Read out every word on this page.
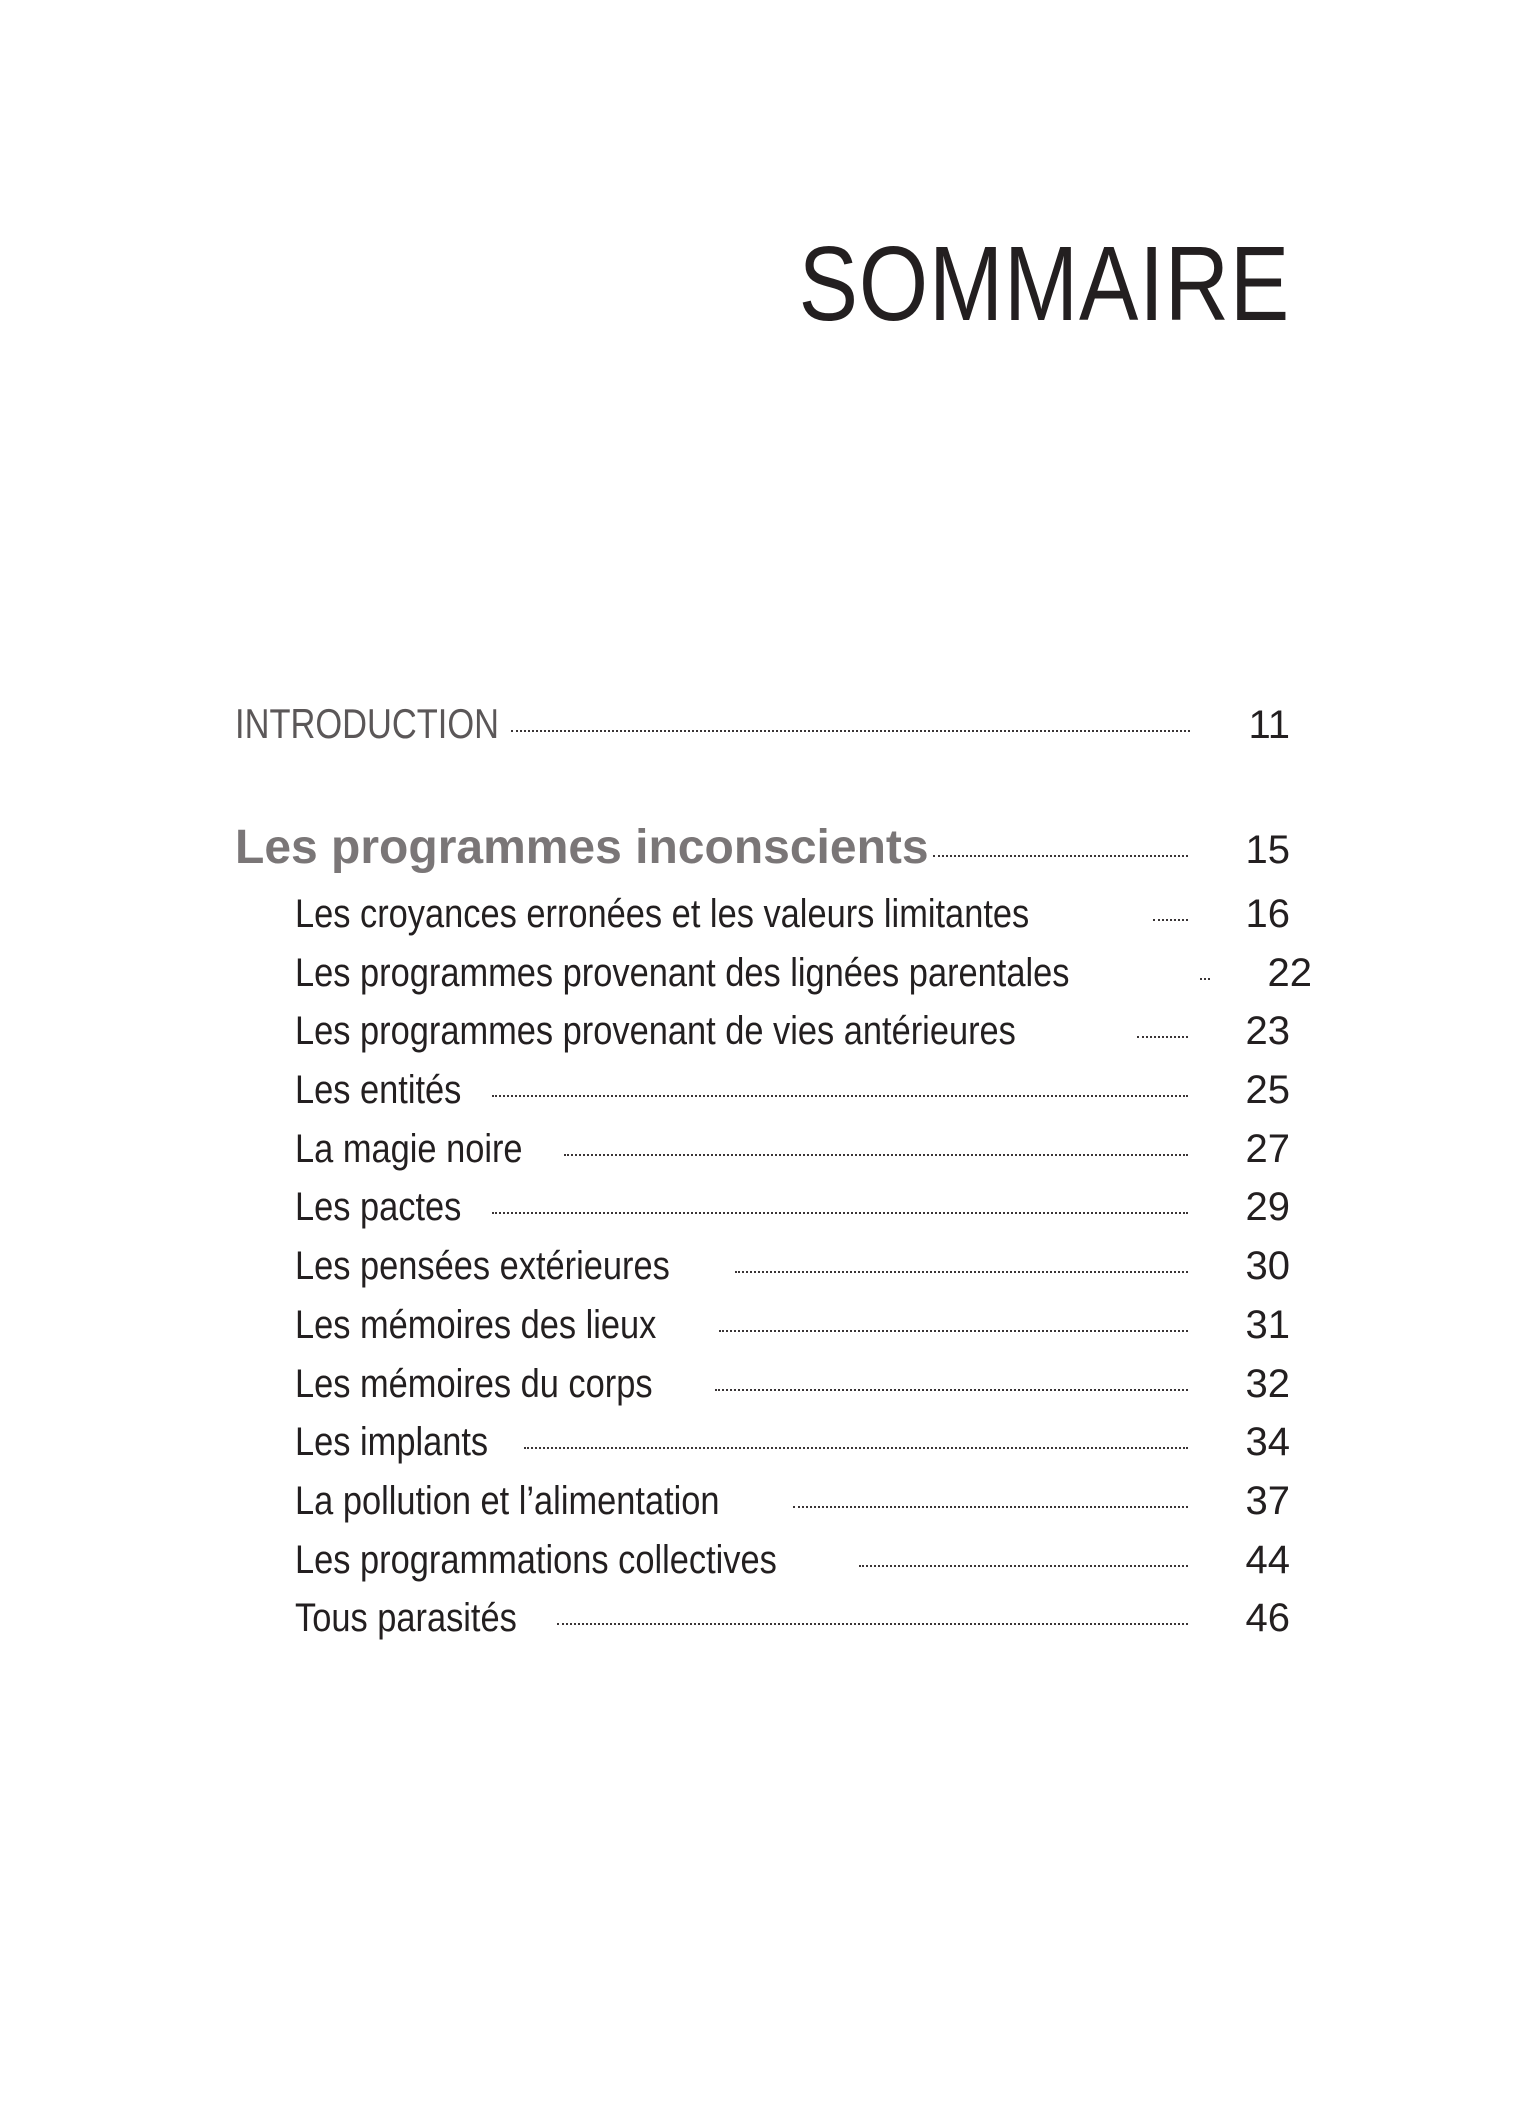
SOMMAIRE
INTRODUCTION	11
Les programmes inconscients	15
Les croyances erronées et les valeurs limitantes	16
Les programmes provenant des lignées parentales	22
Les programmes provenant de vies antérieures	23
Les entités	25
La magie noire	27
Les pactes	29
Les pensées extérieures	30
Les mémoires des lieux	31
Les mémoires du corps	32
Les implants	34
La pollution et l’alimentation	37
Les programmations collectives	44
Tous parasités	46
